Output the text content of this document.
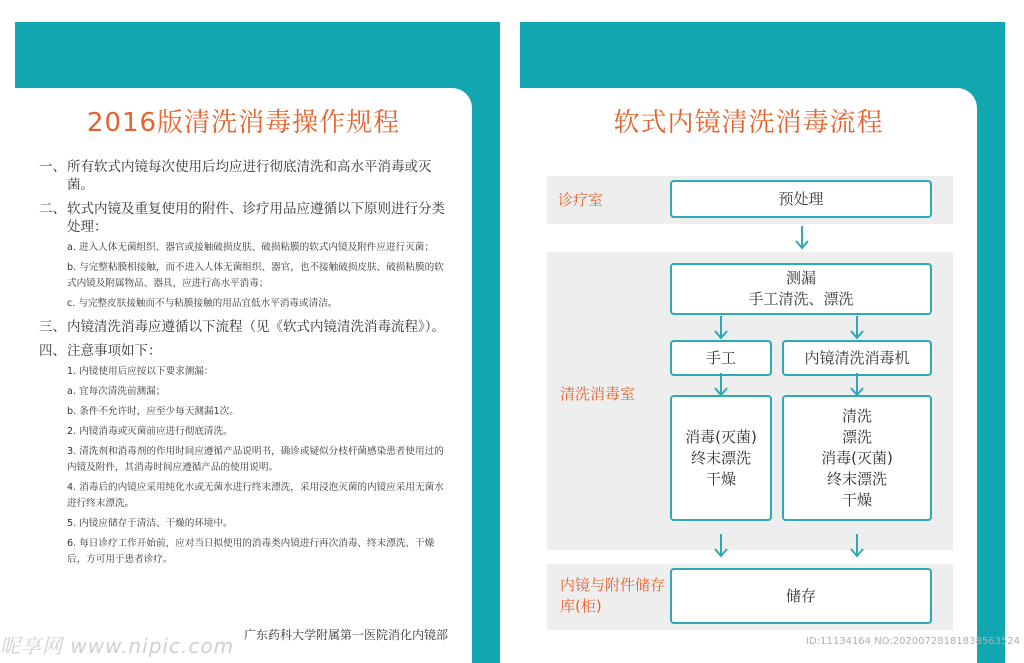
2016版清洗消毒操作规程
一、 所有软式内镜每次使用后均应进行彻底清洗和高水平消毒或灭菌。
二、 软式内镜及重复使用的附件、诊疗用品应遵循以下原则进行分类处理：
a. 进入人体无菌组织、器官或接触破损皮肤、破损粘膜的软式内镜及附件应进行灭菌；
b. 与完整粘膜相接触，而不进入人体无菌组织、器官，也不接触破损皮肤、破损粘膜的软式内镜及附属物品、器具，应进行高水平消毒；
c. 与完整皮肤接触而不与粘膜接触的用品宜低水平消毒或清洁。
三、 内镜清洗消毒应遵循以下流程（见《软式内镜清洗消毒流程》）。
四、 注意事项如下：
1. 内镜使用后应按以下要求测漏：
a. 宜每次清洗前测漏；
b. 条件不允许时，应至少每天测漏1次。
2. 内镜消毒或灭菌前应进行彻底清洗。
3. 清洗剂和消毒剂的作用时间应遵循产品说明书，确诊或疑似分枝杆菌感染患者使用过的内镜及附件，其消毒时间应遵循产品的使用说明。
4. 消毒后的内镜应采用纯化水或无菌水进行终末漂洗，采用浸泡灭菌的内镜应采用无菌水进行终末漂洗。
5. 内镜应储存于清洁、干燥的环境中。
6. 每日诊疗工作开始前，应对当日拟使用的消毒类内镜进行再次消毒、终末漂洗、干燥后，方可用于患者诊疗。
广东药科大学附属第一医院消化内镜部
软式内镜清洗消毒流程
诊疗室	预处理
清洗消毒室
测漏
手工清洗、漂洗
手工	内镜清洗消毒机
消毒(灭菌)
终末漂洗
干燥
清洗
漂洗
消毒(灭菌)
终末漂洗
干燥
内镜与附件储存库(柜)
储存
昵享网 www.nipic.com	ID:11134164 NO:20200728181838563524
